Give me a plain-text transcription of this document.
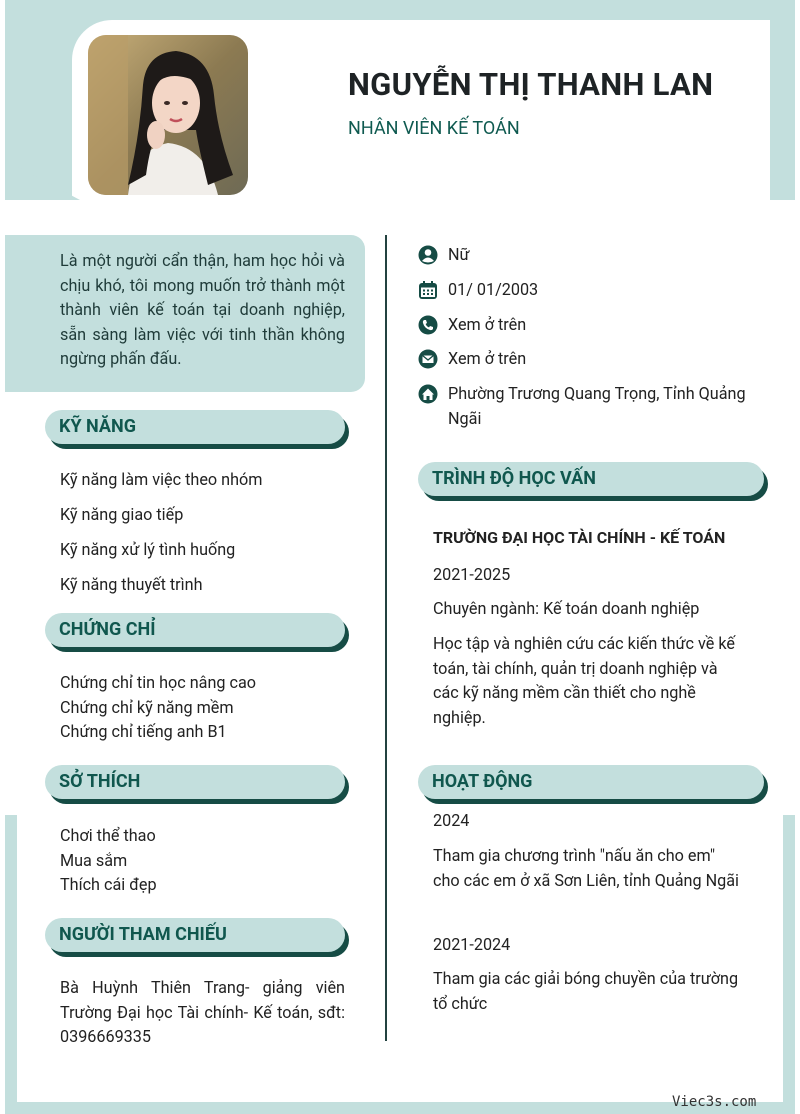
NGUYỄN THỊ THANH LAN
NHÂN VIÊN KẾ TOÁN
Là một người cẩn thận, ham học hỏi và chịu khó, tôi mong muốn trở thành một thành viên kế toán tại doanh nghiệp, sẵn sàng làm việc với tinh thần không ngừng phấn đấu.
KỸ NĂNG
Kỹ năng làm việc theo nhóm
Kỹ năng giao tiếp
Kỹ năng xử lý tình huống
Kỹ năng thuyết trình
CHỨNG CHỈ
Chứng chỉ tin học nâng cao
Chứng chỉ kỹ năng mềm
Chứng chỉ tiếng anh B1
SỞ THÍCH
Chơi thể thao
Mua sắm
Thích cái đẹp
NGƯỜI THAM CHIẾU
Bà Huỳnh Thiên Trang- giảng viên Trường Đại học Tài chính- Kế toán, sđt: 0396669335
Nữ
01/ 01/2003
Xem ở trên
Xem ở trên
Phường Trương Quang Trọng, Tỉnh Quảng Ngãi
TRÌNH ĐỘ HỌC VẤN
TRƯỜNG ĐẠI HỌC TÀI CHÍNH - KẾ TOÁN
2021-2025
Chuyên ngành: Kế toán doanh nghiệp
Học tập và nghiên cứu các kiến thức về kế toán, tài chính, quản trị doanh nghiệp và các kỹ năng mềm cần thiết cho nghề nghiệp.
HOẠT ĐỘNG
2024
Tham gia chương trình "nấu ăn cho em" cho các em ở xã Sơn Liên, tỉnh Quảng Ngãi
2021-2024
Tham gia các giải bóng chuyền của trường tổ chức
Viec3s.com
